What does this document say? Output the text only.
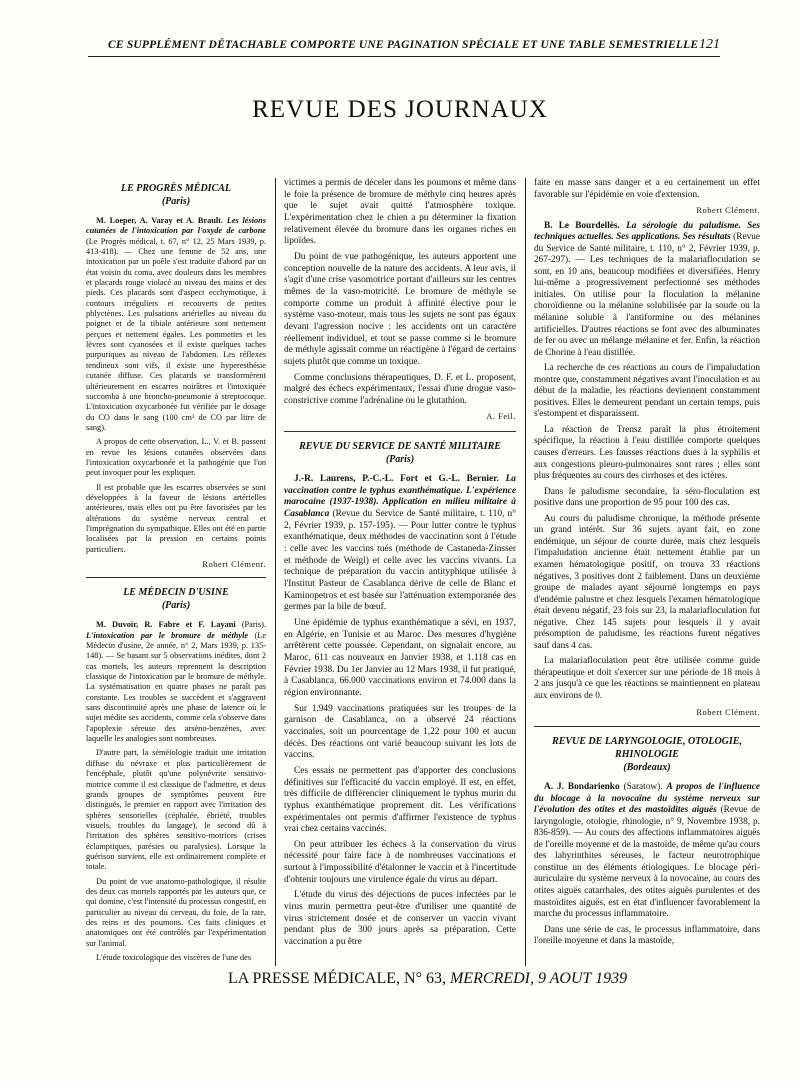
CE SUPPLÉMENT DÉTACHABLE COMPORTE UNE PAGINATION SPÉCIALE ET UNE TABLE SEMESTRIELLE 121
REVUE DES JOURNAUX
LE PROGRÈS MÉDICAL
(Paris)

M. Loeper, A. Varay et A. Brault. Les lésions cutanées de l'intoxication par l'oxyde de carbone (Le Progrès médical, t. 67, n° 12, 25 Mars 1939, p. 413-418). — Chez une femme de 52 ans, une intoxication par un poêle s'est traduite d'abord par un état voisin du coma, avec douleurs dans les membres et placards rouge violacé au niveau des mains et des pieds. Ces placards sont d'aspect ecchymotique, à contours irréguliers et recouverts de petites phlyctènes. Les pulsations artérielles au niveau du poignet et de la tibiale antérieure sont nettement perçues et nettement égales. Les pommettes et les lèvres sont cyanosées et il existe quelques taches purpuriques au niveau de l'abdomen. Les réflexes tendineux sont vifs, il existe une hyperesthésie cutanée diffuse. Ces placards se transformèrent ultérieurement en escarres noirâtres et l'intoxiquée succomba à une broncho-pneumonie à streptocoque. L'intoxication oxycarbonée fut vérifiée par le dosage du CO dans le sang (100 cm³ de CO par litre de sang).

A propos de cette observation, L., V. et B. passent en revue les lésions cutanées observées dans l'intoxication oxycarbonée et la pathogénie que l'on peut invoquer pour les expliquer.

Il est probable que les escarres observées se sont développées à la faveur de lésions artérielles antérieures, mais elles ont pu être favorisées par les altérations du système nerveux central et l'imprégnation du sympathique. Elles ont été en partie localisées par la pression en certains points particuliers.

Robert Clément.

LE MÉDECIN D'USINE
(Paris)

M. Duvoir, R. Fabre et F. Layani (Paris). L'intoxication par le bromure de méthyle (Le Médecin d'usine, 2e année, n° 2, Mars 1939, p. 135-148). — Se basant sur 5 observations inédites, dont 2 cas mortels, les auteurs reprennent la description classique de l'intoxication par le bromure de méthyle. La systématisation en quatre phases ne paraît pas constante. Les troubles se succèdent et s'aggravent sans discontinuité après une phase de latence où le sujet médite ses accidents, comme cela s'observe dans l'apoplexie séreuse des arséno-benzènes, avec laquelle les analogies sont nombreuses.

D'autre part, la séméiologie traduit une irritation diffuse du névraxe et plus particulièrement de l'encéphale, plutôt qu'une polynévrite sensitivo-motrice comme il est classique de l'admettre, et deux grands groupes de symptômes peuvent être distingués, le premier en rapport avec l'irritation des sphères sensorielles (céphalée, ébriété, troubles visuels, troubles du langage), le second dû à l'irritation des sphères sensitivo-motrices (crises éclamptiques, parésies ou paralysies). Lorsque la guérison survient, elle est ordinairement complète et totale.

Du point de vue anatomo-pathologique, il résulte des deux cas mortels rapportés par les auteurs que, ce qui domine, c'est l'intensité du processus congestif, en particulier au niveau du cerveau, du foie, de la rate, des reins et des poumons. Ces faits cliniques et anatomiques ont été contrôlés par l'expérimentation sur l'animal.

L'étude toxicologique des viscères de l'une des

victimes a permis de déceler dans les poumons et même dans le foie la présence de bromure de méthyle cinq heures après que le sujet avait quitté l'atmosphère toxique. L'expérimentation chez le chien a pu déterminer la fixation relativement élevée du bromure dans les organes riches en lipoïdes.

Du point de vue pathogénique, les auteurs apportent une conception nouvelle de la nature des accidents. A leur avis, il s'agit d'une crise vasomotrice portant d'ailleurs sur les centres mêmes de la vaso-motricité. Le bromure de méthyle se comporte comme un produit à affinité élective pour le système vaso-moteur, mais tous les sujets ne sont pas égaux devant l'agression nocive : les accidents ont un caractère réellement individuel, et tout se passe comme si le bromure de méthyle agissait comme un réactigène à l'égard de certains sujets plutôt que comme un toxique.

Comme conclusions thérapeutiques, D. F. et L. proposent, malgré des échecs expérimentaux, l'essai d'une drogue vaso-constrictive comme l'adrénaline ou le glutathion.

A. Feil.

REVUE DU SERVICE DE SANTÉ MILITAIRE
(Paris)

J.-R. Laurens, P.-C.-L. Fort et G.-L. Bernier. La vaccination contre le typhus exanthématique. L'expérience marocaine (1937-1938). Application en milieu militaire à Casablanca (Revue du Service de Santé militaire, t. 110, n° 2, Février 1939, p. 157-195). — Pour lutter contre le typhus exanthématique, deux méthodes de vaccination sont à l'étude : celle avec les vaccins tués (méthode de Castaneda-Zinsser et méthode de Weigl) et celle avec les vaccins vivants. La technique de préparation du vaccin antityphique utilisée à l'Institut Pasteur de Casablanca dérive de celle de Blanc et Kaminopetros et est basée sur l'atténuation extemporanée des germes par la bile de bœuf.

Une épidémie de typhus exanthématique a sévi, en 1937, en Algérie, en Tunisie et au Maroc. Des mesures d'hygiène arrêtèrent cette poussée. Cependant, on signalait encore, au Maroc, 611 cas nouveaux en Janvier 1938, et 1.118 cas en Février 1938. Du 1er Janvier au 12 Mars 1938, il fut pratiqué, à Casablanca, 66.000 vaccinations environ et 74.000 dans la région environnante.

Sur 1.949 vaccinations pratiquées sur les troupes de la garnison de Casablanca, on a observé 24 réactions vaccinales, soit un pourcentage de 1,22 pour 100 et aucun décès. Des réactions ont varié beaucoup suivant les lots de vaccins.

Ces essais ne permettent pas d'apporter des conclusions définitives sur l'efficacité du vaccin employé. Il est, en effet, très difficile de différencier cliniquement le typhus murin du typhus exanthématique proprement dit. Les vérifications expérimentales ont permis d'affirmer l'existence de typhus vrai chez certains vaccinés.

On peut attribuer les échecs à la conservation du virus nécessité pour faire face à de nombreuses vaccinations et surtout à l'impossibilité d'étalonner le vaccin et à l'incertitude d'obtenir toujours une virulence égale du virus au départ.

L'étude du virus des déjections de puces infectées par le virus murin permettra peut-être d'utiliser une quantité de virus strictement dosée et de conserver un vaccin vivant pendant plus de 300 jours après sa préparation. Cette vaccination a pu être

faite en masse sans danger et a eu certainement un effet favorable sur l'épidémie en voie d'extension.

Robert Clément.

B. Le Bourdellès. La sérologie du paludisme. Ses techniques actuelles. Ses applications. Ses résultats (Revue du Service de Santé militaire, t. 110, n° 2, Février 1939, p. 267-297). — Les techniques de la malariafloculation se sont, en 10 ans, beaucoup modifiées et diversifiées. Henry lui-même a progressivement perfectionné ses méthodes initiales. On utilise pour la floculation la mélanine choroïdienne ou la mélanine solubilisée par la soude ou la mélanine soluble à l'antiformine ou des mélanines artificielles. D'autres réactions se font avec des albuminates de fer ou avec un mélange mélanine et fer. Enfin, la réaction de Chorine à l'eau distillée.

La recherche de ces réactions au cours de l'impaludation montre que, constamment négatives avant l'inoculation et au début de la maladie, les réactions deviennent constamment positives. Elles le demeurent pendant un certain temps, puis s'estompent et disparaissent.

La réaction de Trensz paraît la plus étroitement spécifique, la réaction à l'eau distillée comporte quelques causes d'erreurs. Les fausses réactions dues à la syphilis et aux congestions pleuro-pulmonaires sont rares ; elles sont plus fréquentes au cours des cirrhoses et des ictères.

Dans le paludisme secondaire, la séro-floculation est positive dans une proportion de 95 pour 100 des cas.

Au cours du paludisme chronique, la méthode présente un grand intérêt. Sur 36 sujets ayant fait, en zone endémique, un séjour de courte durée, mais chez lesquels l'impaludation ancienne était nettement établie par un examen hématologique positif, on trouva 33 réactions négatives, 3 positives dont 2 faiblement. Dans un deuxième groupe de malades ayant séjourné longtemps en pays d'endémie palustre et chez lesquels l'examen hématologique était devenu négatif, 23 fois sur 23, la malariafloculation fut négative. Chez 145 sujets pour lesquels il y avait présomption de paludisme, les réactions furent négatives sauf dans 4 cas.

La malariafloculation peut être utilisée comme guide thérapeutique et doit s'exercer sur une période de 18 mois à 2 ans jusqu'à ce que les réactions se maintiennent en plateau aux environs de 0.

Robert Clément.

REVUE DE LARYNGOLOGIE, OTOLOGIE, RHINOLOGIE
(Bordeaux)

A. J. Bondarienko (Saratow). A propos de l'influence du blocage à la novocaïne du système nerveux sur l'évolution des otites et des mastoïdites aiguës (Revue de laryngologie, otologie, rhinologie, n° 9, Novembre 1938, p. 836-859). — Au cours des affections inflammatoires aiguës de l'oreille moyenne et de la mastoïde, de même qu'au cours des labyrinthites séreuses, le facteur neurotrophique constitue un des éléments étiologiques. Le blocage péri-auriculaire du système nerveux à la novocaïne, au cours des otites aiguës catarrhales, des otites aiguës purulentes et des mastoïdites aiguës, est en état d'influencer favorablement la marche du processus inflammatoire.

Dans une série de cas, le processus inflammatoire, dans l'oreille moyenne et dans la mastoïde,

LA PRESSE MÉDICALE, N° 63, MERCREDI, 9 AOUT 1939
